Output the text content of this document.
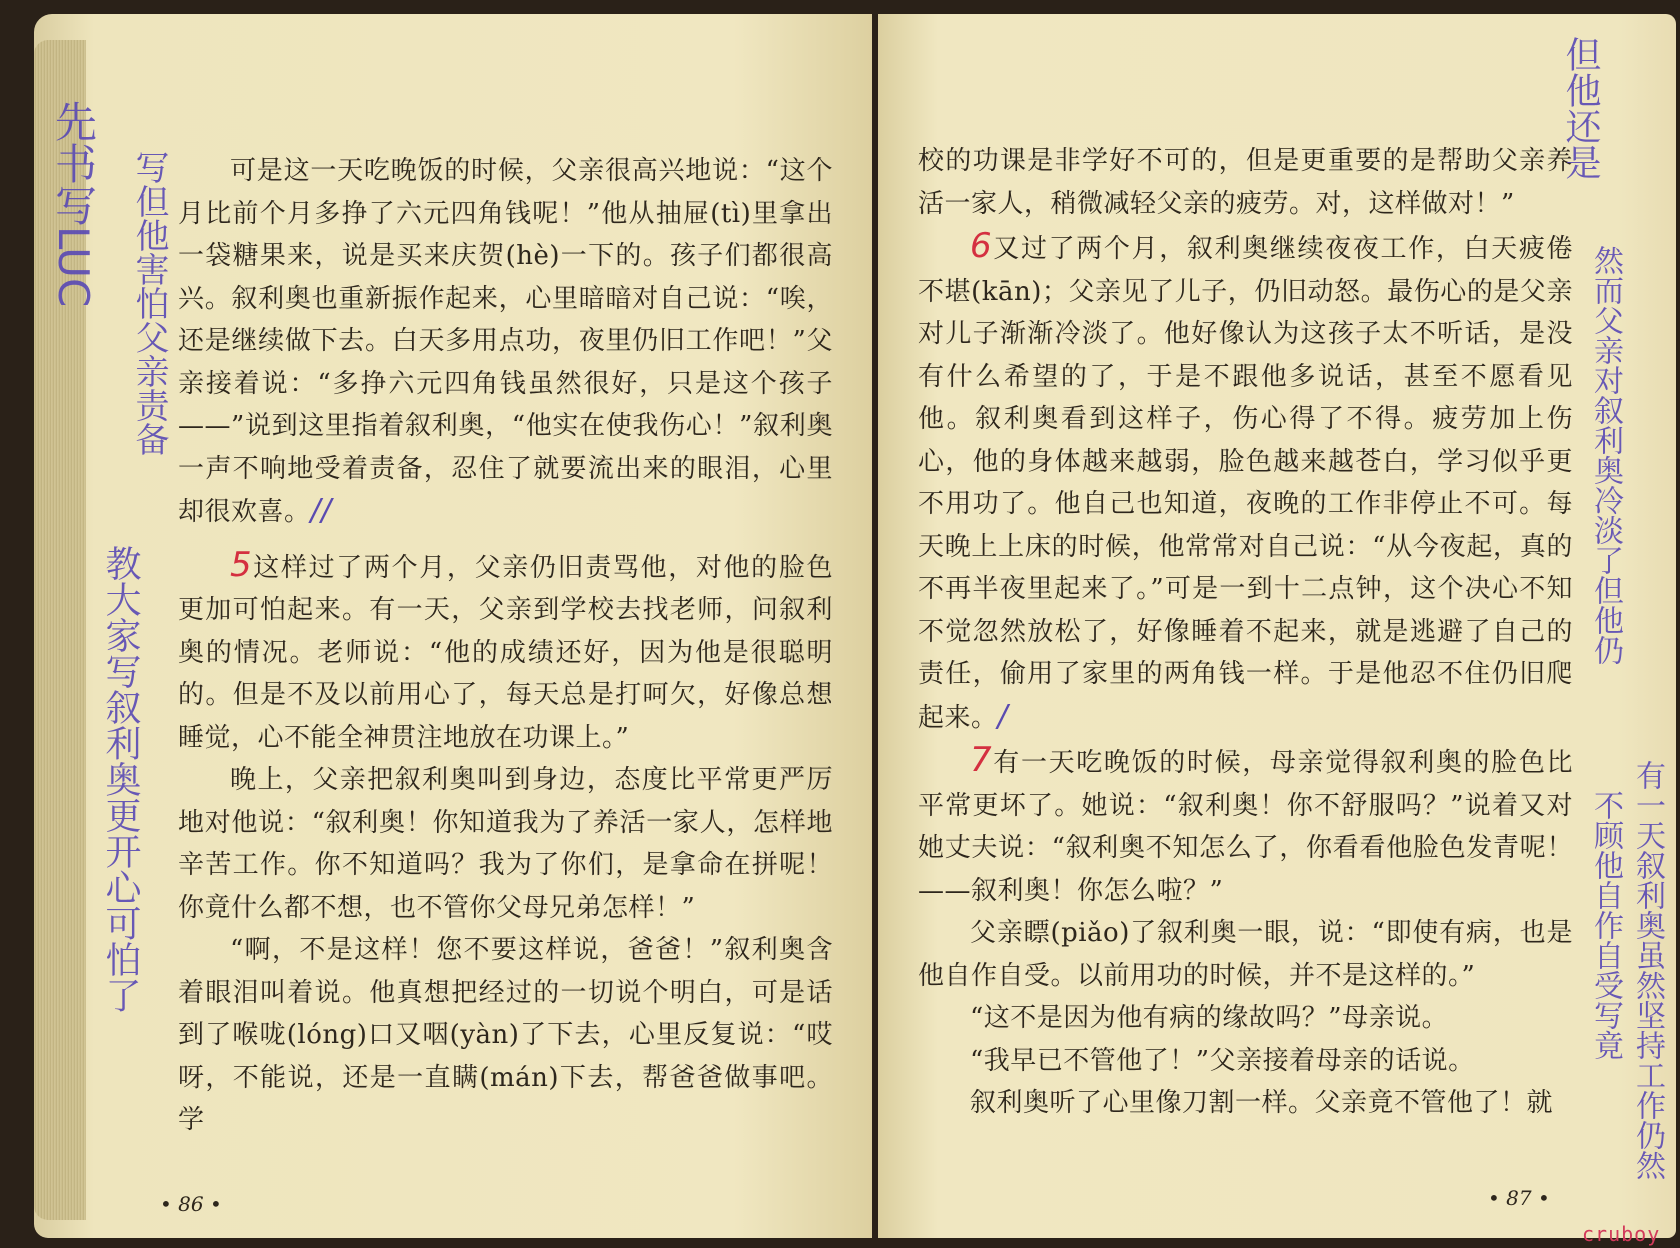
可是这一天吃晚饭的时候，父亲很高兴地说：“这个月比前个月多挣了六元四角钱呢！”他从抽屉(tì)里拿出一袋糖果来，说是买来庆贺(hè)一下的。孩子们都很高兴。叙利奥也重新振作起来，心里暗暗对自己说：“唉，还是继续做下去。白天多用点功，夜里仍旧工作吧！”父亲接着说：“多挣六元四角钱虽然很好，只是这个孩子——”说到这里指着叙利奥，“他实在使我伤心！”叙利奥一声不响地受着责备，忍住了就要流出来的眼泪，心里却很欢喜。//

5这样过了两个月，父亲仍旧责骂他，对他的脸色更加可怕起来。有一天，父亲到学校去找老师，问叙利奥的情况。老师说：“他的成绩还好，因为他是很聪明的。但是不及以前用心了，每天总是打呵欠，好像总想睡觉，心不能全神贯注地放在功课上。”

晚上，父亲把叙利奥叫到身边，态度比平常更严厉地对他说：“叙利奥！你知道我为了养活一家人，怎样地辛苦工作。你不知道吗？我为了你们，是拿命在拼呢！你竟什么都不想，也不管你父母兄弟怎样！”

“啊，不是这样！您不要这样说，爸爸！”叙利奥含着眼泪叫着说。他真想把经过的一切说个明白，可是话到了喉咙(lóng)口又咽(yàn)了下去，心里反复说：“哎呀，不能说，还是一直瞒(mán)下去，帮爸爸做事吧。学

校的功课是非学好不可的，但是更重要的是帮助父亲养活一家人，稍微减轻父亲的疲劳。对，这样做对！”

6又过了两个月，叙利奥继续夜夜工作，白天疲倦不堪(kān)；父亲见了儿子，仍旧动怒。最伤心的是父亲对儿子渐渐冷淡了。他好像认为这孩子太不听话，是没有什么希望的了，于是不跟他多说话，甚至不愿看见他。叙利奥看到这样子，伤心得了不得。疲劳加上伤心，他的身体越来越弱，脸色越来越苍白，学习似乎更不用功了。他自己也知道，夜晚的工作非停止不可。每天晚上上床的时候，他常常对自己说：“从今夜起，真的不再半夜里起来了。”可是一到十二点钟，这个决心不知不觉忽然放松了，好像睡着不起来，就是逃避了自己的责任，偷用了家里的两角钱一样。于是他忍不住仍旧爬起来。/

7有一天吃晚饭的时候，母亲觉得叙利奥的脸色比平常更坏了。她说：“叙利奥！你不舒服吗？”说着又对她丈夫说：“叙利奥不知怎么了，你看看他脸色发青呢！——叙利奥！你怎么啦？”

父亲瞟(piǎo)了叙利奥一眼，说：“即使有病，也是他自作自受。以前用功的时候，并不是这样的。”

“这不是因为他有病的缘故吗？”母亲说。

“我早已不管他了！”父亲接着母亲的话说。

叙利奥听了心里像刀割一样。父亲竟不管他了！就

• 86 •	• 87 •
先书写LUC 写但他害怕父亲责备
教大家写叙利奥更开心可怕了
但他还是
然而父亲对叙利奥冷淡了但他仍
有一天叙利奥虽然坚持工作仍然
不顾他自作自受写竟
cruboy
